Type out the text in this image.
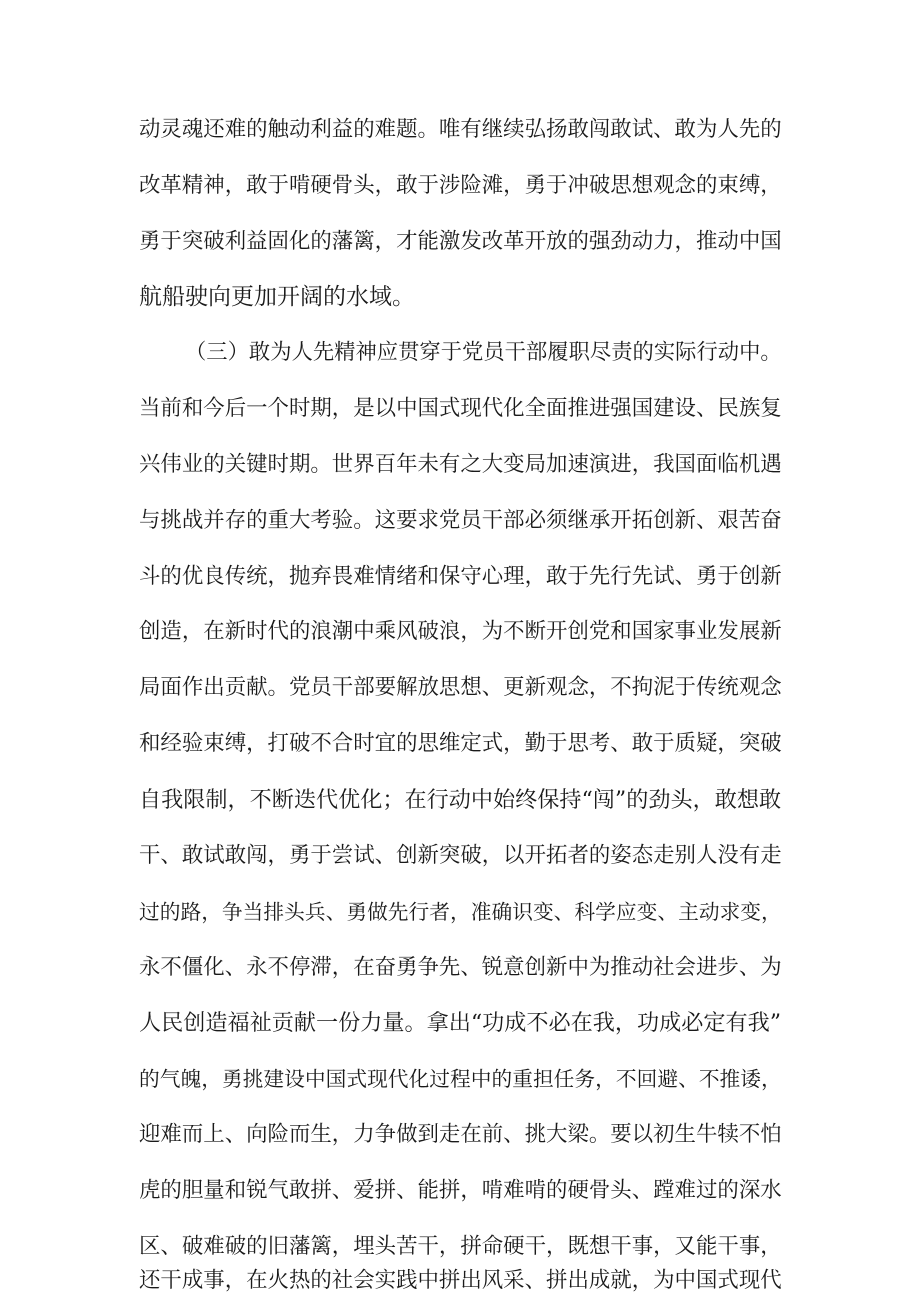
动灵魂还难的触动利益的难题。唯有继续弘扬敢闯敢试、敢为人先的
改革精神，敢于啃硬骨头，敢于涉险滩，勇于冲破思想观念的束缚，
勇于突破利益固化的藩篱，才能激发改革开放的强劲动力，推动中国
航船驶向更加开阔的水域。
（三）敢为人先精神应贯穿于党员干部履职尽责的实际行动中。
当前和今后一个时期，是以中国式现代化全面推进强国建设、民族复
兴伟业的关键时期。世界百年未有之大变局加速演进，我国面临机遇
与挑战并存的重大考验。这要求党员干部必须继承开拓创新、艰苦奋
斗的优良传统，抛弃畏难情绪和保守心理，敢于先行先试、勇于创新
创造，在新时代的浪潮中乘风破浪，为不断开创党和国家事业发展新
局面作出贡献。党员干部要解放思想、更新观念，不拘泥于传统观念
和经验束缚，打破不合时宜的思维定式，勤于思考、敢于质疑，突破
自我限制，不断迭代优化；在行动中始终保持“闯”的劲头，敢想敢
干、敢试敢闯，勇于尝试、创新突破，以开拓者的姿态走别人没有走
过的路，争当排头兵、勇做先行者，准确识变、科学应变、主动求变，
永不僵化、永不停滞，在奋勇争先、锐意创新中为推动社会进步、为
人民创造福祉贡献一份力量。拿出“功成不必在我，功成必定有我”
的气魄，勇挑建设中国式现代化过程中的重担任务，不回避、不推诿，
迎难而上、向险而生，力争做到走在前、挑大梁。要以初生牛犊不怕
虎的胆量和锐气敢拼、爱拼、能拼，啃难啃的硬骨头、蹚难过的深水
区、破难破的旧藩篱，埋头苦干，拼命硬干，既想干事，又能干事，
还干成事，在火热的社会实践中拼出风采、拼出成就，为中国式现代
